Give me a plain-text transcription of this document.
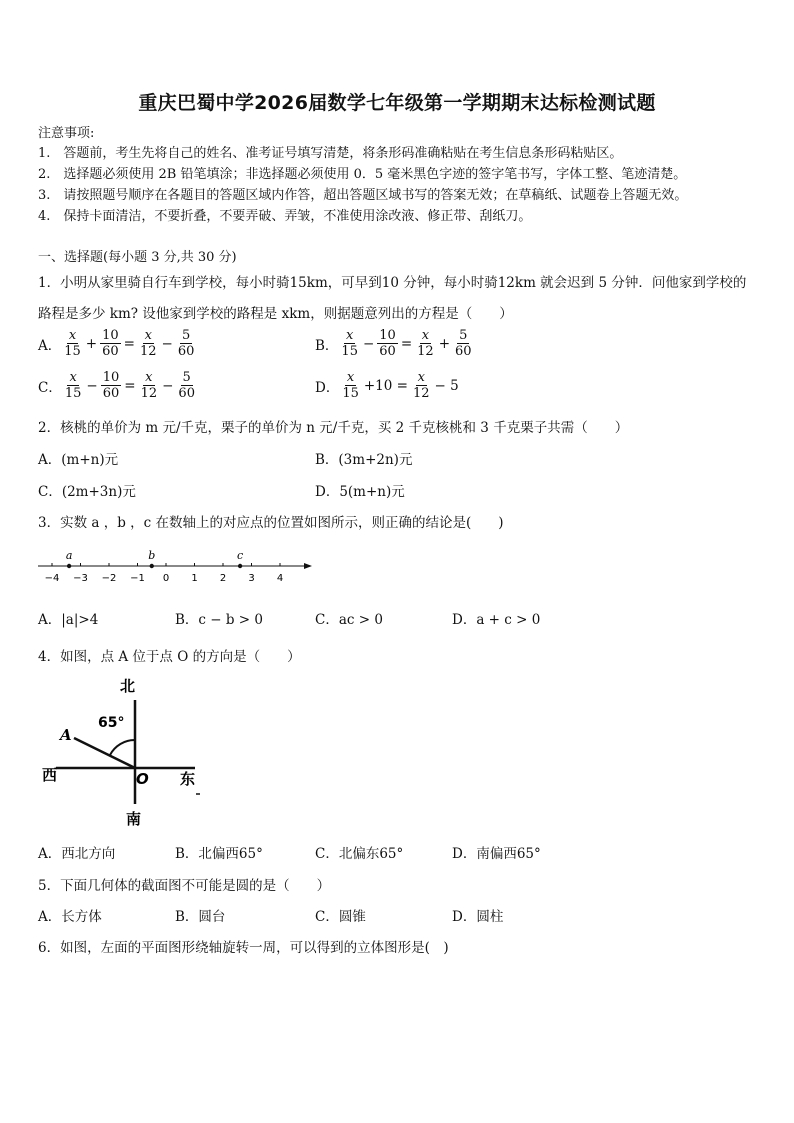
重庆巴蜀中学2026届数学七年级第一学期期末达标检测试题
注意事项:
1.　答题前，考生先将自己的姓名、准考证号填写清楚，将条形码准确粘贴在考生信息条形码粘贴区。
2.　选择题必须使用 2B 铅笔填涂；非选择题必须使用 0．5 毫米黑色字迹的签字笔书写，字体工整、笔迹清楚。
3.　请按照题号顺序在各题目的答题区域内作答，超出答题区域书写的答案无效；在草稿纸、试题卷上答题无效。
4.　保持卡面清洁，不要折叠，不要弄破、弄皱，不准使用涂改液、修正带、刮纸刀。
一、选择题(每小题 3 分,共 30 分)
1．小明从家里骑自行车到学校，每小时骑15km，可早到10 分钟，每小时骑12km 就会迟到 5 分钟．问他家到学校的
路程是多少 km? 设他家到学校的路程是 xkm，则据题意列出的方程是（　　）
A． $\frac{x}{15} + \frac{10}{60} = \frac{x}{12} - \frac{5}{60}$	B． $\frac{x}{15} - \frac{10}{60} = \frac{x}{12} + \frac{5}{60}$
C． $\frac{x}{15} - \frac{10}{60} = \frac{x}{12} - \frac{5}{60}$	D． $\frac{x}{15} +10 = \frac{x}{12} - 5$
2．核桃的单价为 m 元/千克，栗子的单价为 n 元/千克，买 2 千克核桃和 3 千克栗子共需（　　）
A．(m+n)元	B．(3m+2n)元
C．(2m+3n)元	D．5(m+n)元
3．实数 a ，b ，c 在数轴上的对应点的位置如图所示，则正确的结论是(　　)
−4 −3 −2 −1 0 1 2 3 4
a	b	c
A．|a|>4	B．c − b > 0	C．ac > 0	D．a + c > 0
4．如图，点 A 位于点 O 的方向是（　　）
北
南
西	东
65°
A
O
A．西北方向	B．北偏西65°	C．北偏东65°	D．南偏西65°
5．下面几何体的截面图不可能是圆的是（　　）
A．长方体	B．圆台	C．圆锥	D．圆柱
6．如图，左面的平面图形绕轴旋转一周，可以得到的立体图形是(　)
